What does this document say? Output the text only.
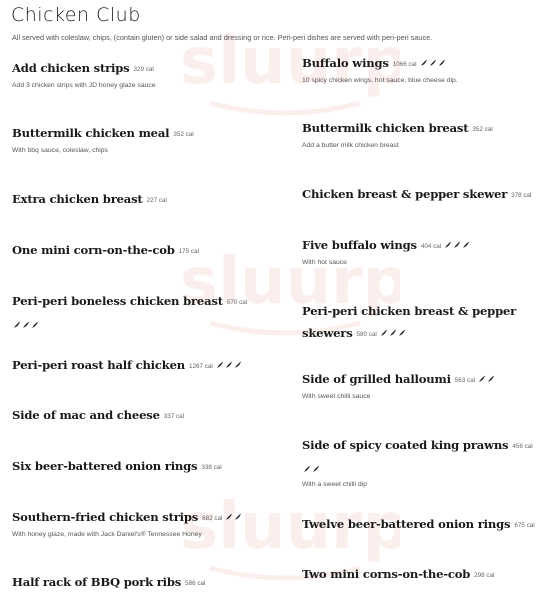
sluurp
sluurp
sluurp
Chicken Club
All served with coleslaw, chips, (contain gluten) or side salad and dressing or rice. Peri-peri dishes are served with peri-peri sauce.
Add chicken strips 329 cal
Add 3 chicken strips with JD honey glaze sauce
Buttermilk chicken meal 352 cal
With bbq sauce, coleslaw, chips
Extra chicken breast 227 cal
One mini corn-on-the-cob 175 cal
Peri-peri boneless chicken breast 570 cal
Peri-peri roast half chicken 1267 cal
Side of mac and cheese 337 cal
Six beer-battered onion rings 338 cal
Southern-fried chicken strips 682 cal
With honey glaze, made with Jack Daniel's® Tennessee Honey
Half rack of BBQ pork ribs 586 cal
Buffalo wings 1066 cal
10 spicy chicken wings, hot sauce, blue cheese dip.
Buttermilk chicken breast 352 cal
Add a butter milk chicken breast
Chicken breast & pepper skewer 378 cal
Five buffalo wings 404 cal
With hot sauce
Peri-peri chicken breast & pepper
skewers 580 cal
Side of grilled halloumi 563 cal
With sweet chilli sauce
Side of spicy coated king prawns 456 cal
With a sweet chilli dip
Twelve beer-battered onion rings 675 cal
Two mini corns-on-the-cob 298 cal
